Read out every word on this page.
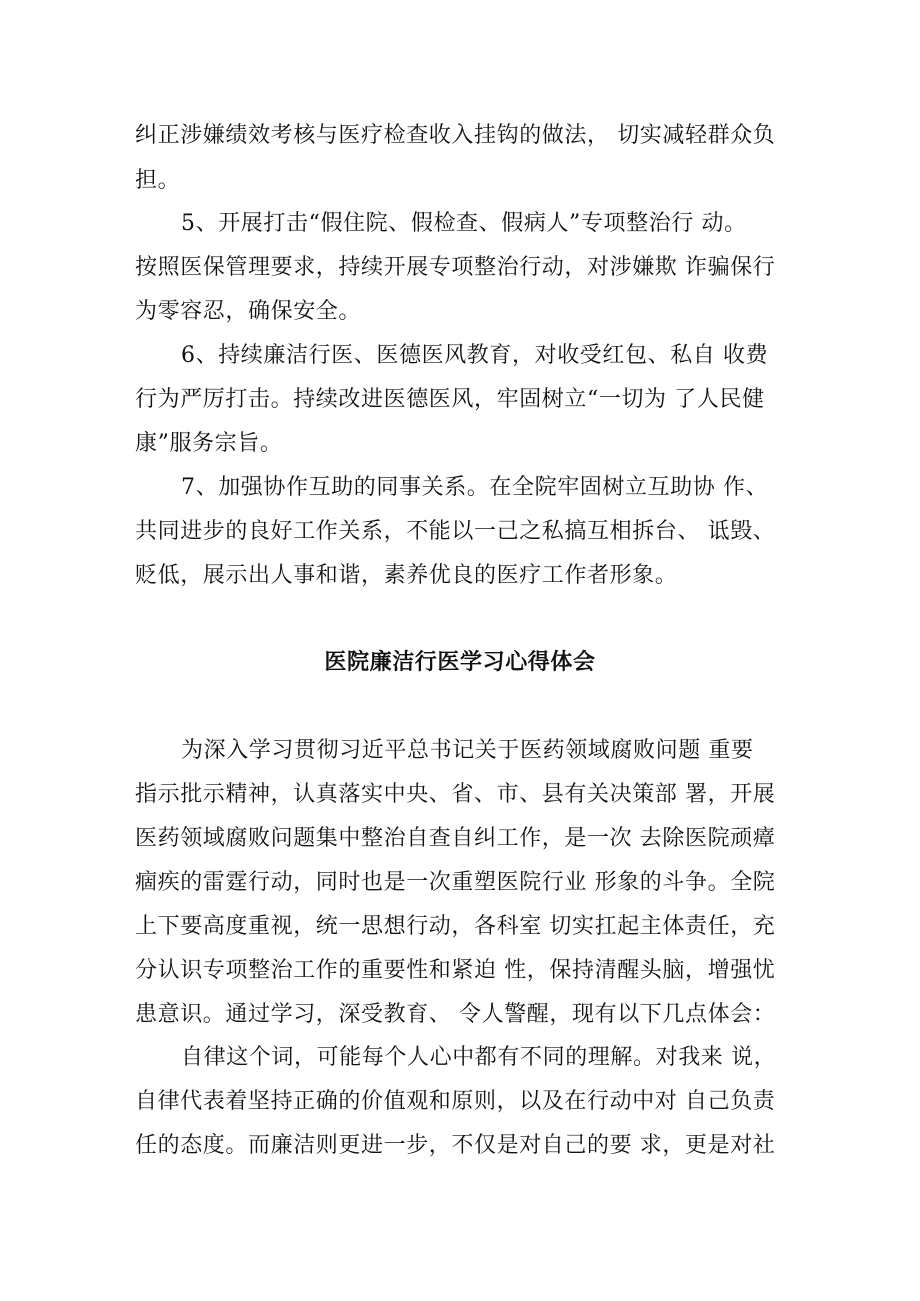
纠正涉嫌绩效考核与医疗检查收入挂钩的做法， 切实减轻群众负
担。
5、开展打击“假住院、假检查、假病人”专项整治行 动。
按照医保管理要求，持续开展专项整治行动，对涉嫌欺 诈骗保行
为零容忍，确保安全。
6、持续廉洁行医、医德医风教育，对收受红包、私自 收费
行为严厉打击。持续改进医德医风，牢固树立“一切为 了人民健
康”服务宗旨。
7、加强协作互助的同事关系。在全院牢固树立互助协 作、
共同进步的良好工作关系，不能以一己之私搞互相拆台、 诋毁、
贬低，展示出人事和谐，素养优良的医疗工作者形象。
医院廉洁行医学习心得体会
为深入学习贯彻习近平总书记关于医药领域腐败问题 重要
指示批示精神，认真落实中央、省、市、县有关决策部 署，开展
医药领域腐败问题集中整治自查自纠工作，是一次 去除医院顽瘴
痼疾的雷霆行动，同时也是一次重塑医院行业 形象的斗争。全院
上下要高度重视，统一思想行动，各科室 切实扛起主体责任，充
分认识专项整治工作的重要性和紧迫 性，保持清醒头脑，增强忧
患意识。通过学习，深受教育、 令人警醒，现有以下几点体会：
自律这个词，可能每个人心中都有不同的理解。对我来 说，
自律代表着坚持正确的价值观和原则，以及在行动中对 自己负责
任的态度。而廉洁则更进一步，不仅是对自己的要 求，更是对社
